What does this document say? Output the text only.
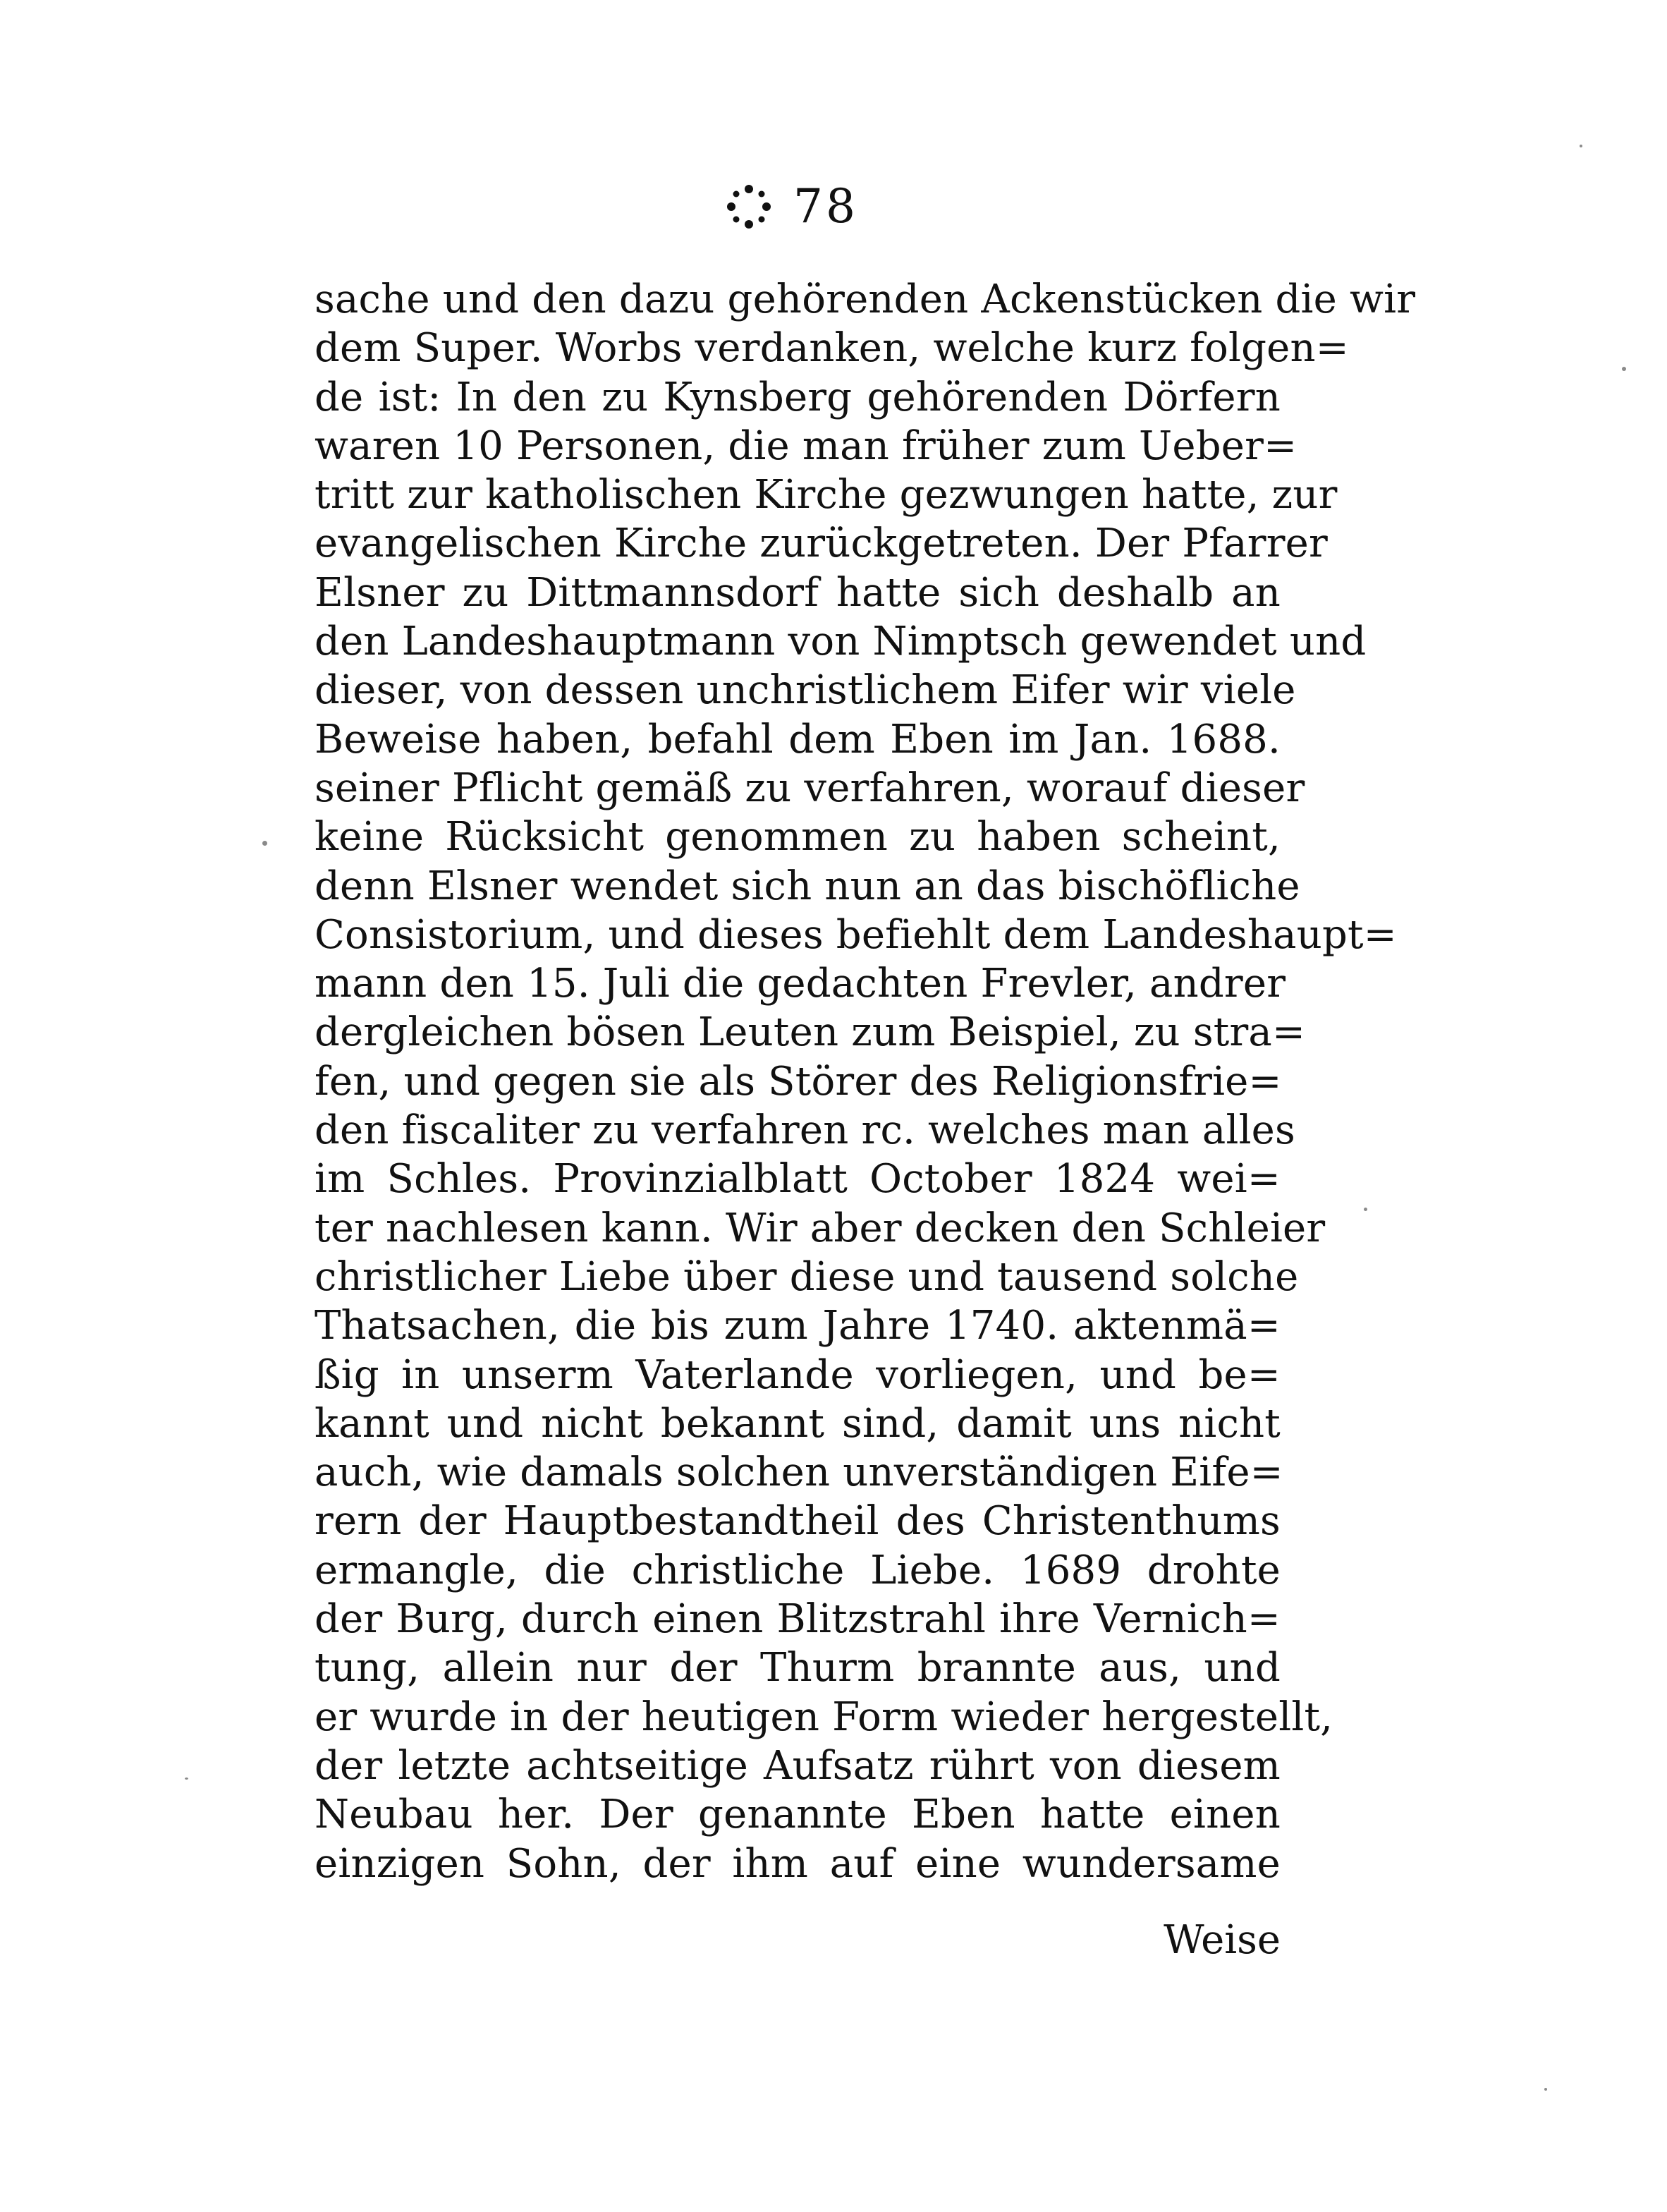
78
sache und den dazu gehörenden Ackenstücken die wir
dem Super. Worbs verdanken, welche kurz folgen=
de ist: In den zu Kynsberg gehörenden Dörfern
waren 10 Personen, die man früher zum Ueber=
tritt zur katholischen Kirche gezwungen hatte, zur
evangelischen Kirche zurückgetreten. Der Pfarrer
Elsner zu Dittmannsdorf hatte sich deshalb an
den Landeshauptmann von Nimptsch gewendet und
dieser, von dessen unchristlichem Eifer wir viele
Beweise haben, befahl dem Eben im Jan. 1688.
seiner Pflicht gemäß zu verfahren, worauf dieser
keine Rücksicht genommen zu haben scheint,
denn Elsner wendet sich nun an das bischöfliche
Consistorium, und dieses befiehlt dem Landeshaupt=
mann den 15. Juli die gedachten Frevler, andrer
dergleichen bösen Leuten zum Beispiel, zu stra=
fen, und gegen sie als Störer des Religionsfrie=
den fiscaliter zu verfahren rc. welches man alles
im Schles. Provinzialblatt October 1824 wei=
ter nachlesen kann. Wir aber decken den Schleier
christlicher Liebe über diese und tausend solche
Thatsachen, die bis zum Jahre 1740. aktenmä=
ßig in unserm Vaterlande vorliegen, und be=
kannt und nicht bekannt sind, damit uns nicht
auch, wie damals solchen unverständigen Eife=
rern der Hauptbestandtheil des Christenthums
ermangle, die christliche Liebe. 1689 drohte
der Burg, durch einen Blitzstrahl ihre Vernich=
tung, allein nur der Thurm brannte aus, und
er wurde in der heutigen Form wieder hergestellt,
der letzte achtseitige Aufsatz rührt von diesem
Neubau her. Der genannte Eben hatte einen
einzigen Sohn, der ihm auf eine wundersame
Weise
